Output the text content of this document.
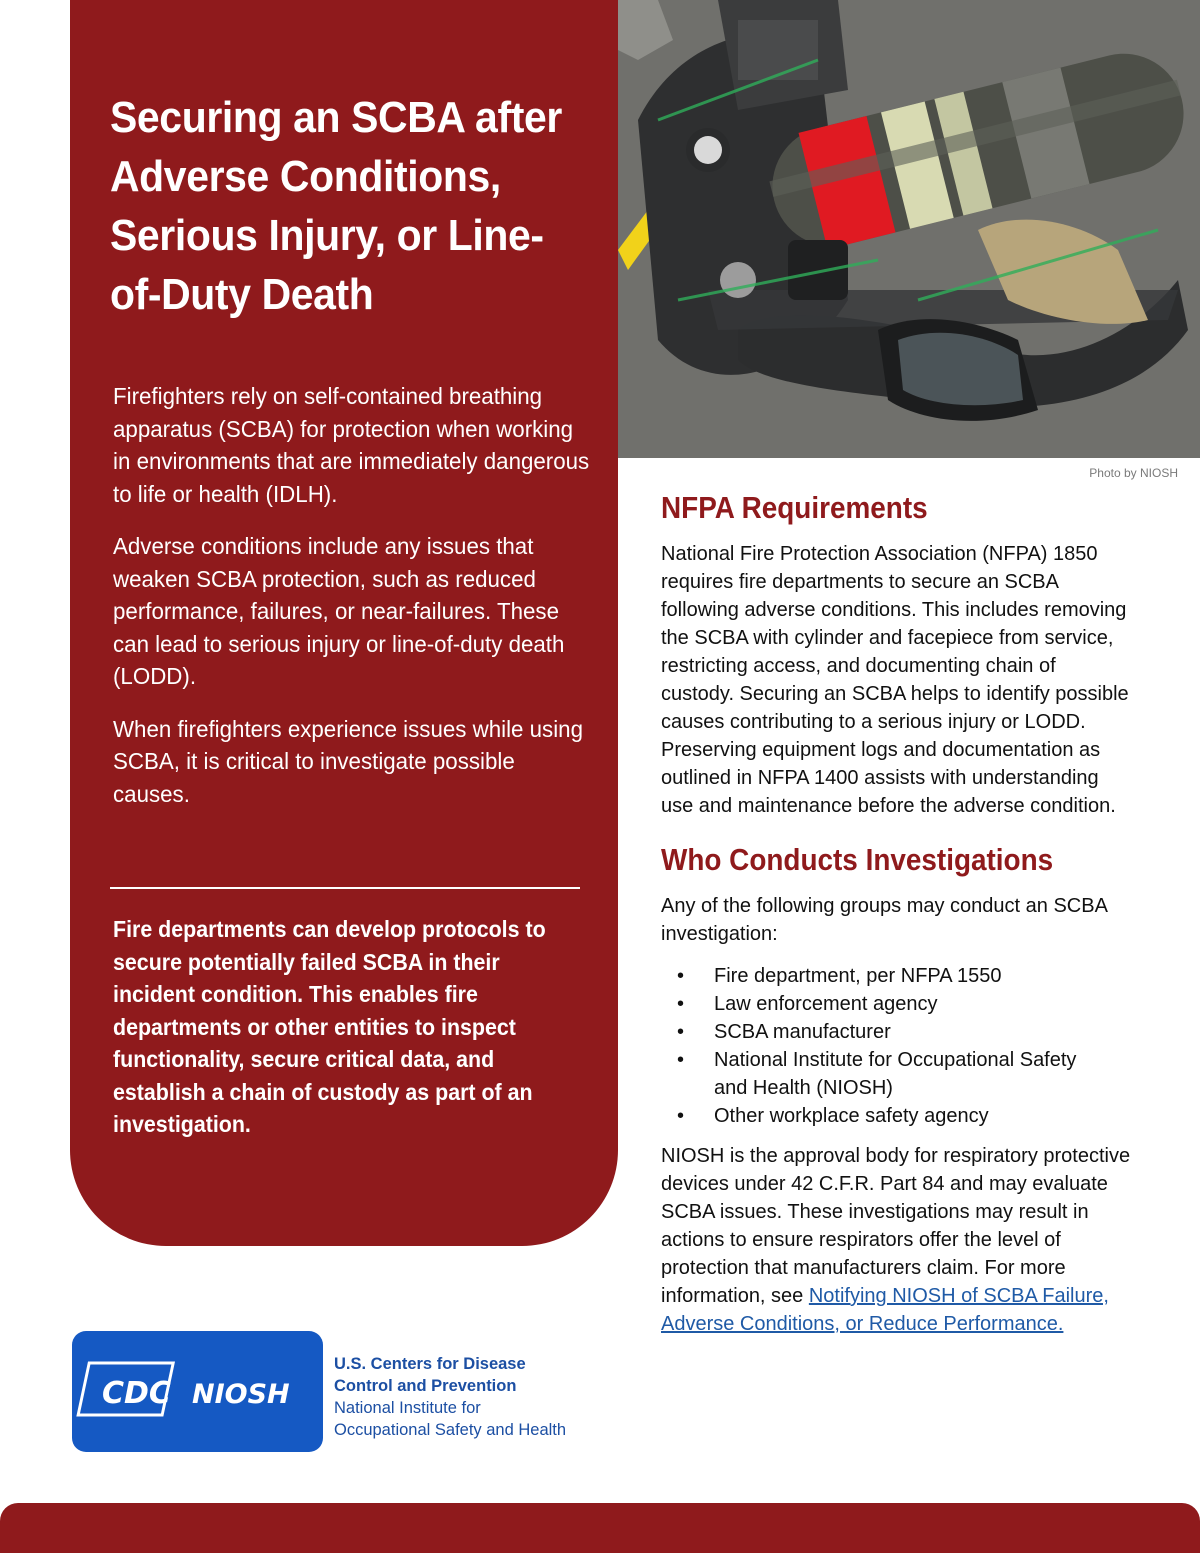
Securing an SCBA after Adverse Conditions, Serious Injury, or Line-of-Duty Death

Firefighters rely on self-contained breathing apparatus (SCBA) for protection when working in environments that are immediately dangerous to life or health (IDLH).

Adverse conditions include any issues that weaken SCBA protection, such as reduced performance, failures, or near-failures. These can lead to serious injury or line-of-duty death (LODD).

When firefighters experience issues while using SCBA, it is critical to investigate possible causes.

Fire departments can develop protocols to secure potentially failed SCBA in their incident condition. This enables fire departments or other entities to inspect functionality, secure critical data, and establish a chain of custody as part of an investigation.

Photo by NIOSH
NFPA Requirements

National Fire Protection Association (NFPA) 1850 requires fire departments to secure an SCBA following adverse conditions. This includes removing the SCBA with cylinder and facepiece from service, restricting access, and documenting chain of custody. Securing an SCBA helps to identify possible causes contributing to a serious injury or LODD. Preserving equipment logs and documentation as outlined in NFPA 1400 assists with understanding use and maintenance before the adverse condition.

Who Conducts Investigations

Any of the following groups may conduct an SCBA investigation:

• Fire department, per NFPA 1550
• Law enforcement agency
• SCBA manufacturer
• National Institute for Occupational Safety and Health (NIOSH)
• Other workplace safety agency

NIOSH is the approval body for respiratory protective devices under 42 C.F.R. Part 84 and may evaluate SCBA issues. These investigations may result in actions to ensure respirators offer the level of protection that manufacturers claim. For more information, see Notifying NIOSH of SCBA Failure, Adverse Conditions, or Reduce Performance.

CDC NIOSH
U.S. Centers for Disease
Control and Prevention
National Institute for
Occupational Safety and Health
